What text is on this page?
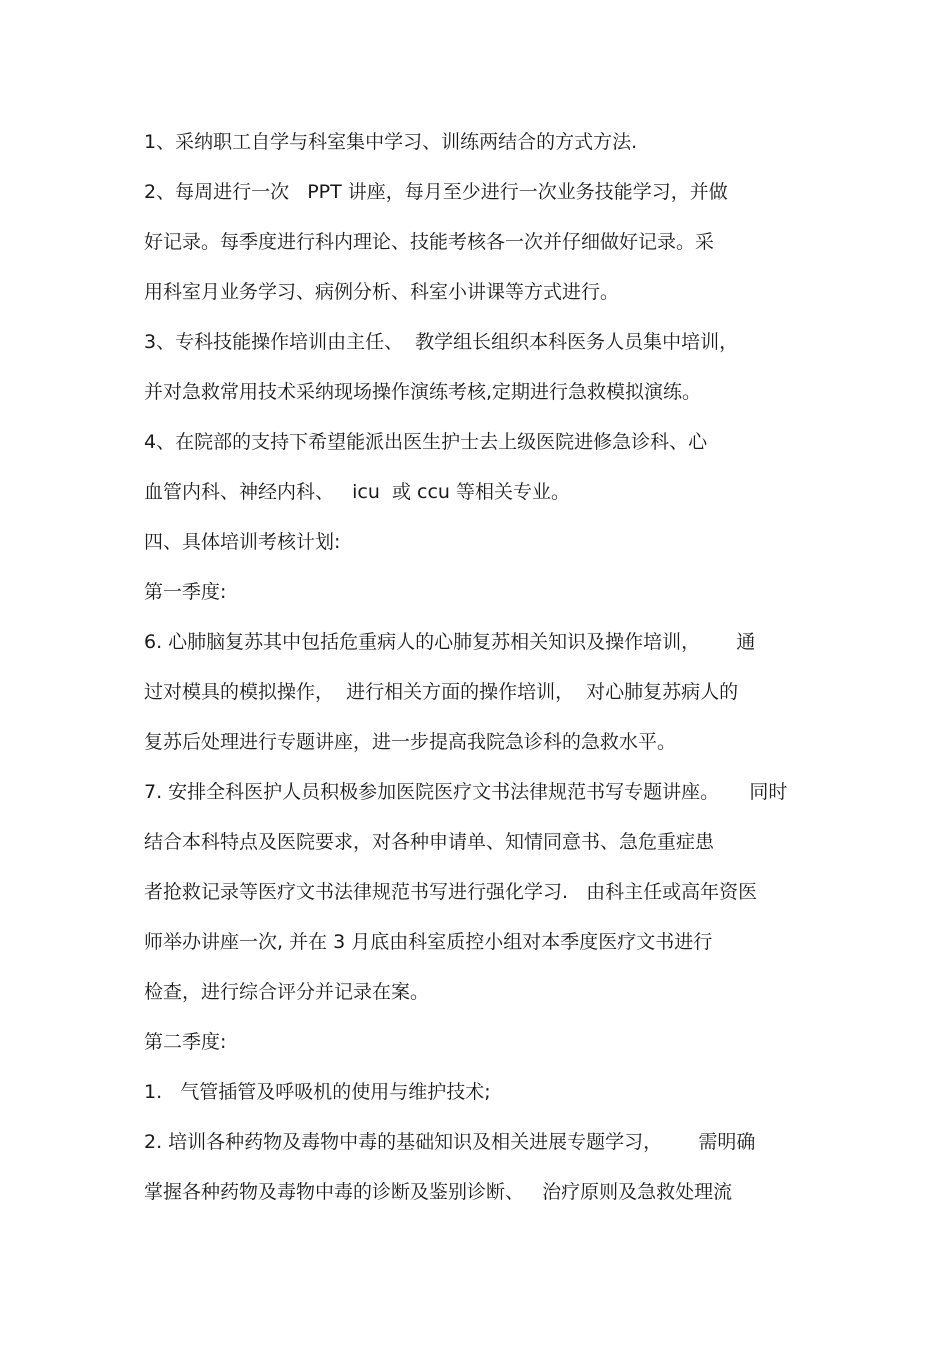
1、采纳职工自学与科室集中学习、训练两结合的方式方法.
2、每周进行一次   PPT 讲座，每月至少进行一次业务技能学习，并做
好记录。每季度进行科内理论、技能考核各一次并仔细做好记录。采
用科室月业务学习、病例分析、科室小讲课等方式进行。
3、专科技能操作培训由主任、  教学组长组织本科医务人员集中培训，
并对急救常用技术采纳现场操作演练考核,定期进行急救模拟演练。
4、在院部的支持下希望能派出医生护士去上级医院进修急诊科、心
血管内科、神经内科、   icu  或 ccu 等相关专业。
四、具体培训考核计划:
第一季度:
6. 心肺脑复苏其中包括危重病人的心肺复苏相关知识及操作培训，      通
过对模具的模拟操作，  进行相关方面的操作培训，  对心肺复苏病人的
复苏后处理进行专题讲座，进一步提高我院急诊科的急救水平。
7. 安排全科医护人员积极参加医院医疗文书法律规范书写专题讲座。     同时
结合本科特点及医院要求，对各种申请单、知情同意书、急危重症患
者抢救记录等医疗文书法律规范书写进行强化学习.   由科主任或高年资医
师举办讲座一次, 并在 3 月底由科室质控小组对本季度医疗文书进行
检查，进行综合评分并记录在案。
第二季度:
1.   气管插管及呼吸机的使用与维护技术;
2. 培训各种药物及毒物中毒的基础知识及相关进展专题学习，      需明确
掌握各种药物及毒物中毒的诊断及鉴别诊断、   治疗原则及急救处理流
